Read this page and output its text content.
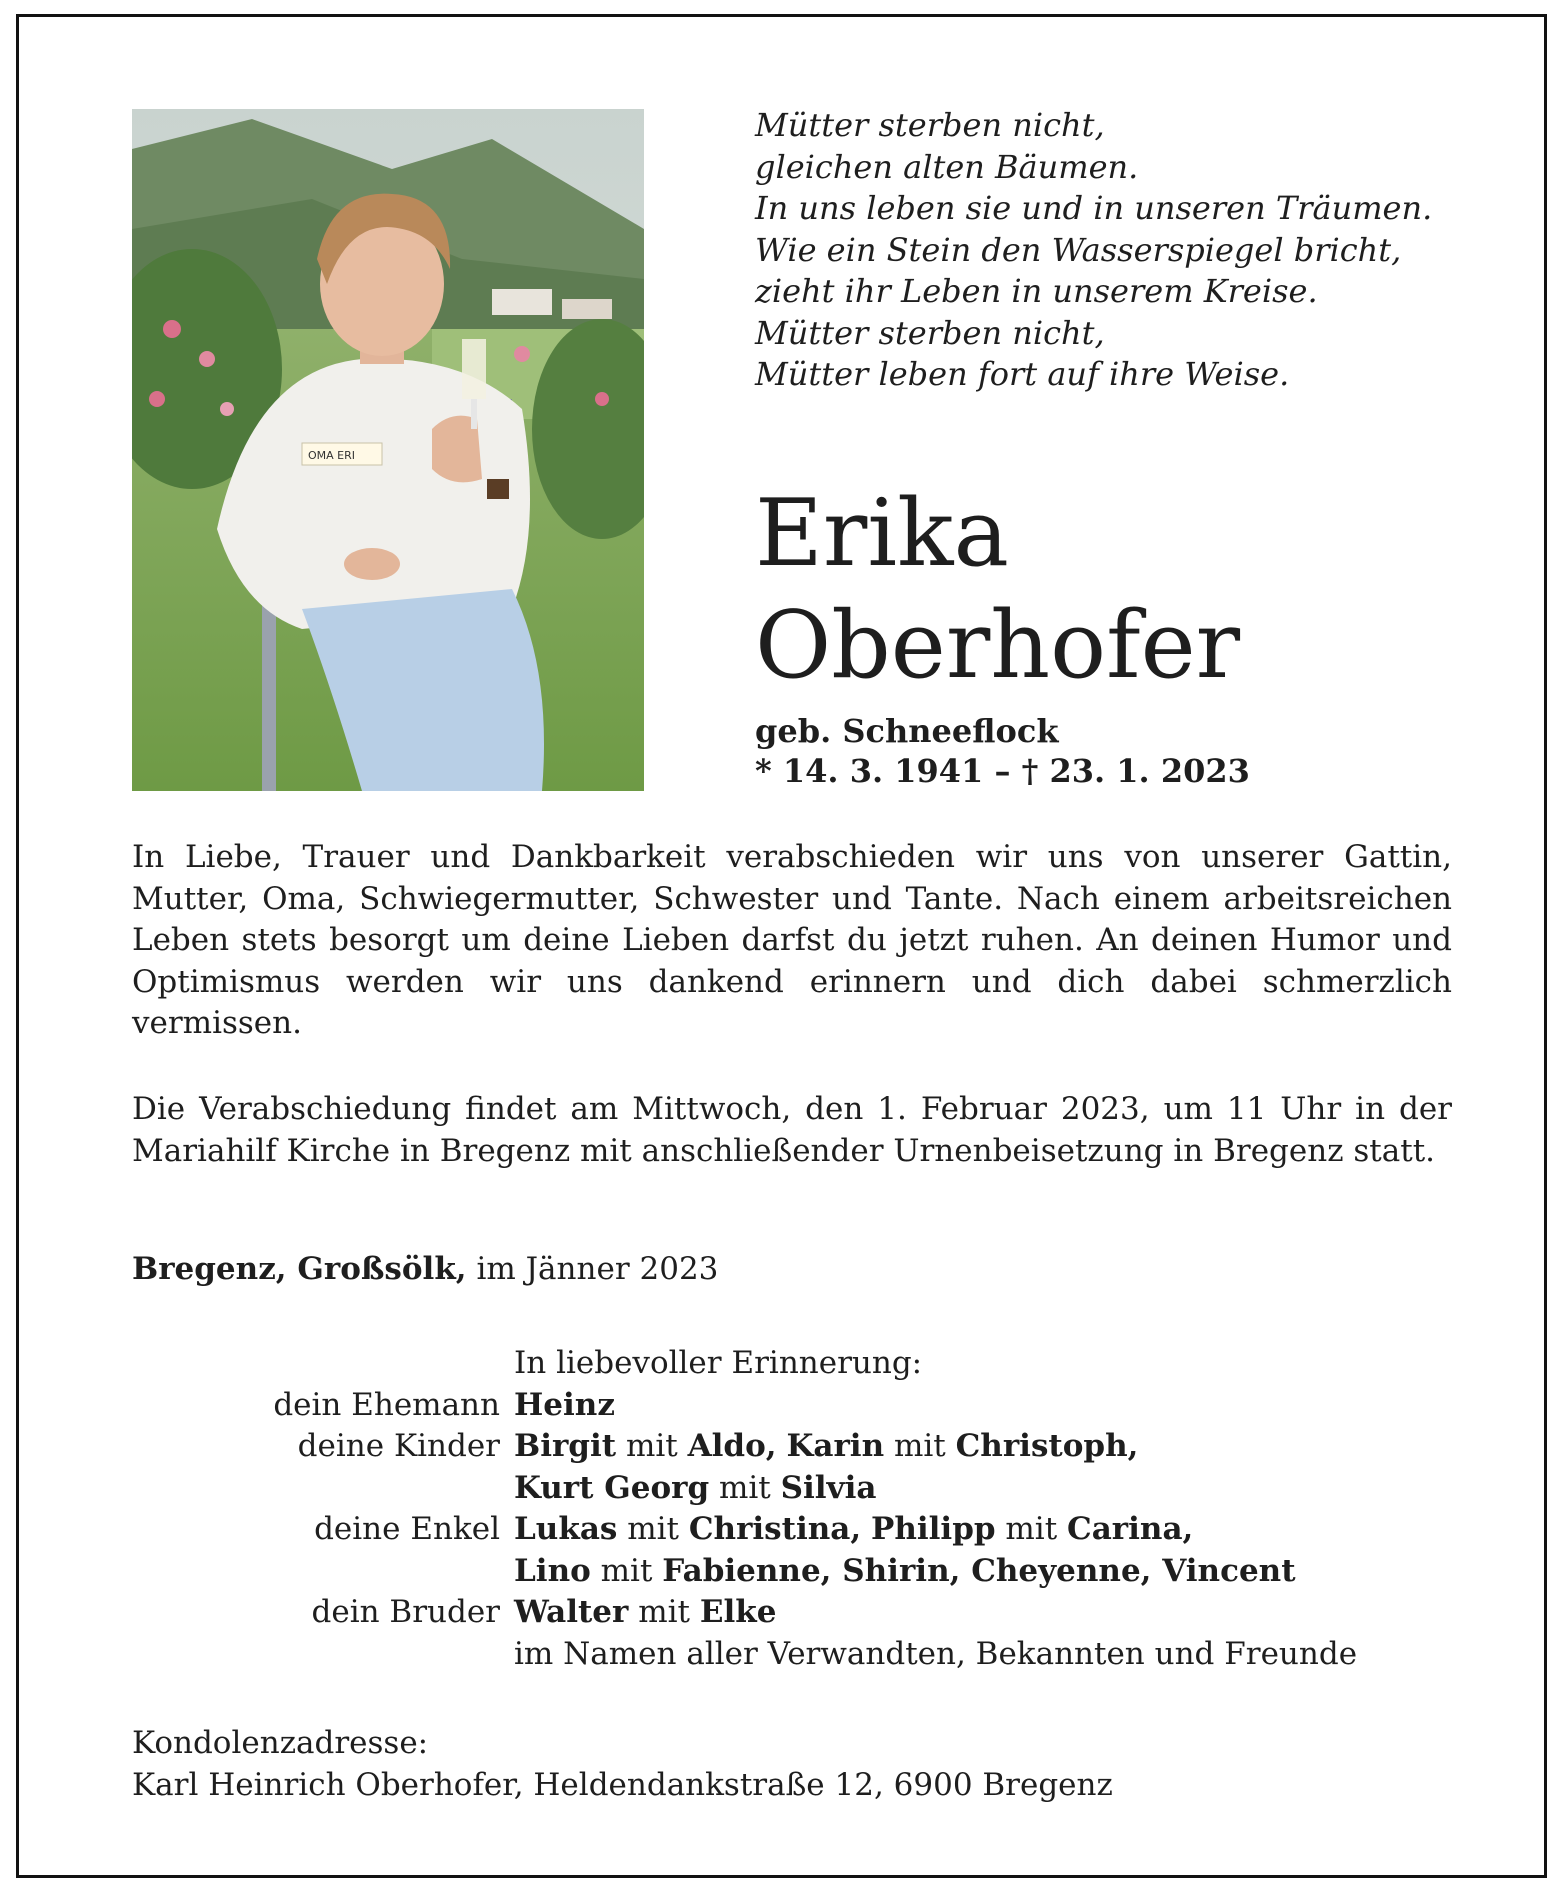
OMA ERI
Mütter sterben nicht,
gleichen alten Bäumen.
In uns leben sie und in unseren Träumen.
Wie ein Stein den Wasserspiegel bricht,
zieht ihr Leben in unserem Kreise.
Mütter sterben nicht,
Mütter leben fort auf ihre Weise.
Erika
Oberhofer
geb. Schneeflock
* 14. 3. 1941 – † 23. 1. 2023
In Liebe, Trauer und Dankbarkeit verabschieden wir uns von unserer Gattin, Mutter, Oma, Schwiegermutter, Schwester und Tante. Nach einem arbeitsreichen Leben stets besorgt um deine Lieben darfst du jetzt ruhen. An deinen Humor und Optimismus werden wir uns dankend erinnern und dich dabei schmerzlich vermissen.
Die Verabschiedung findet am Mittwoch, den 1. Februar 2023, um 11 Uhr in der Mariahilf Kirche in Bregenz mit anschließender Urnenbeisetzung in Bregenz statt.
Bregenz, Großsölk, im Jänner 2023
In liebevoller Erinnerung:
dein Ehemann Heinz
deine Kinder Birgit mit Aldo, Karin mit Christoph,
Kurt Georg mit Silvia
deine Enkel Lukas mit Christina, Philipp mit Carina,
Lino mit Fabienne, Shirin, Cheyenne, Vincent
dein Bruder Walter mit Elke
im Namen aller Verwandten, Bekannten und Freunde
Kondolenzadresse:
Karl Heinrich Oberhofer, Heldendankstraße 12, 6900 Bregenz
